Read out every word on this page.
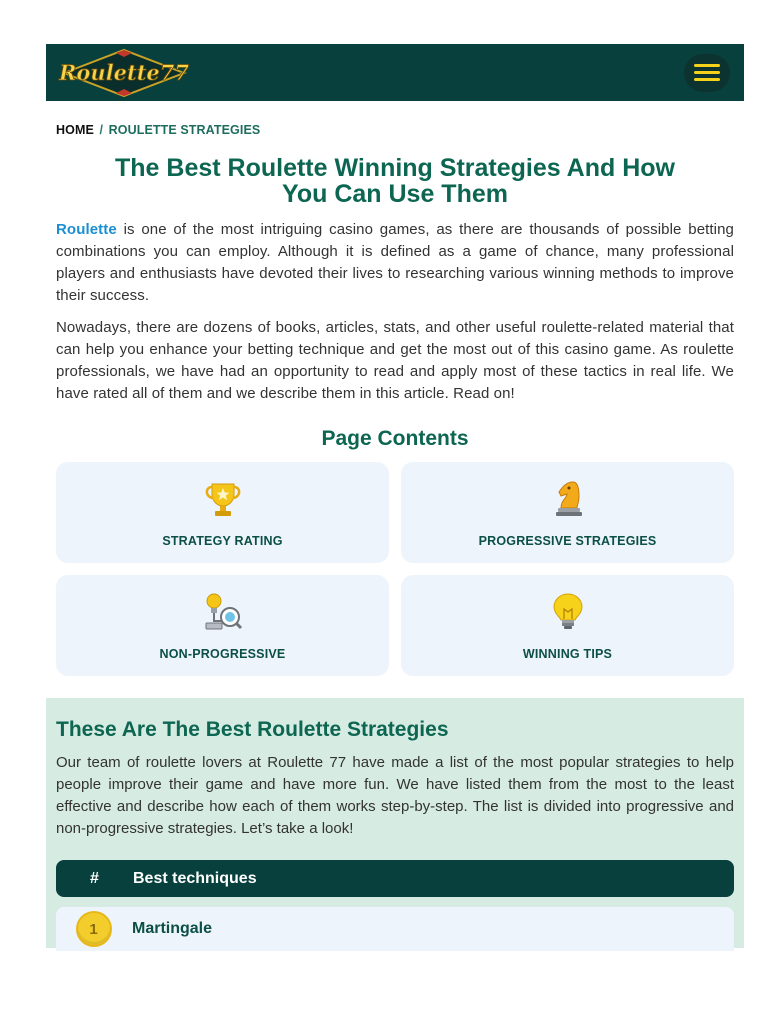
Roulette77
HOME / ROULETTE STRATEGIES
The Best Roulette Winning Strategies And How You Can Use Them

Roulette is one of the most intriguing casino games, as there are thousands of possible betting combinations you can employ. Although it is defined as a game of chance, many professional players and enthusiasts have devoted their lives to researching various winning methods to improve their success.

Nowadays, there are dozens of books, articles, stats, and other useful roulette-related material that can help you enhance your betting technique and get the most out of this casino game. As roulette professionals, we have had an opportunity to read and apply most of these tactics in real life. We have rated all of them and we describe them in this article. Read on!

Page Contents
STRATEGY RATING	PROGRESSIVE STRATEGIES
NON-PROGRESSIVE	WINNING TIPS
These Are The Best Roulette Strategies

Our team of roulette lovers at Roulette 77 have made a list of the most popular strategies to help people improve their game and have more fun. We have listed them from the most to the least effective and describe how each of them works step-by-step. The list is divided into progressive and non-progressive strategies. Let’s take a look!

#	Best techniques
1	Martingale
